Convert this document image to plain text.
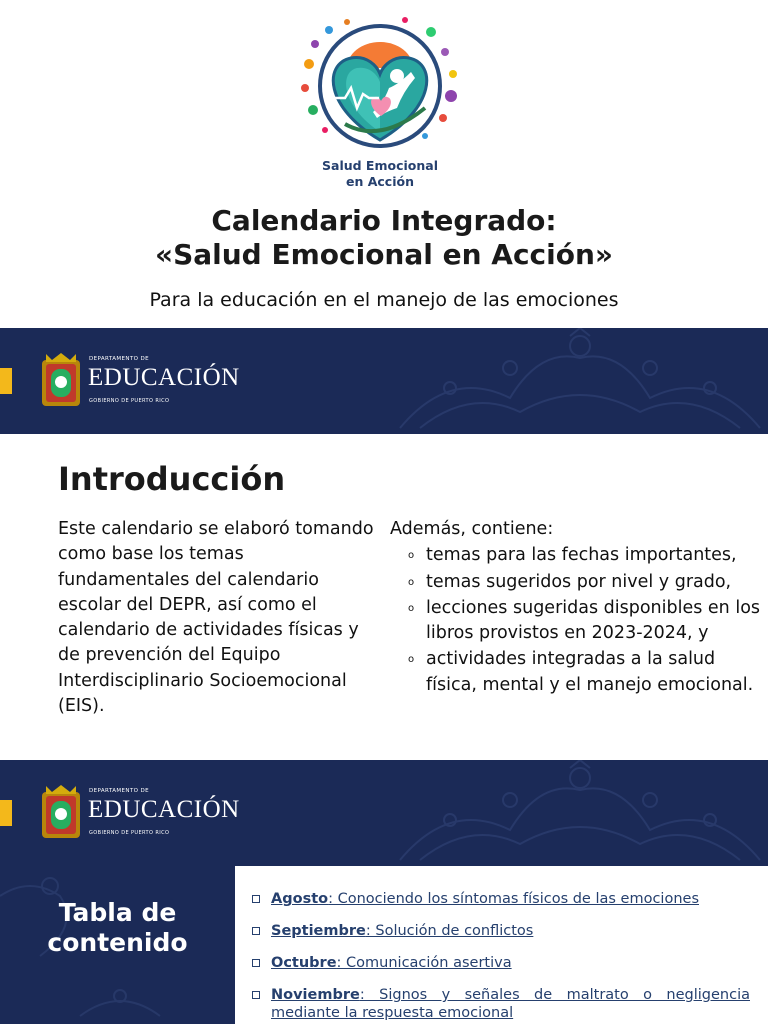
Salud Emocional
en Acción
Calendario Integrado:
«Salud Emocional en Acción»
Para la educación en el manejo de las emociones
DEPARTAMENTO DE
EDUCACIÓN
GOBIERNO DE PUERTO RICO
Introducción

Este calendario se elaboró tomando como base los temas fundamentales del calendario escolar del DEPR, así como el calendario de actividades físicas y de prevención del Equipo Interdisciplinario Socioemocional (EIS).

Además, contiene:

o temas para las fechas importantes,
o temas sugeridos por nivel y grado,
o lecciones sugeridas disponibles en los libros provistos en 2023-2024, y
o actividades integradas a la salud física, mental y el manejo emocional.
DEPARTAMENTO DE
EDUCACIÓN
GOBIERNO DE PUERTO RICO
Tabla de
contenido
Agosto: Conociendo los síntomas físicos de las emociones
Septiembre: Solución de conflictos
Octubre: Comunicación asertiva
Noviembre: Signos y señales de maltrato o negligencia mediante la respuesta emocional
